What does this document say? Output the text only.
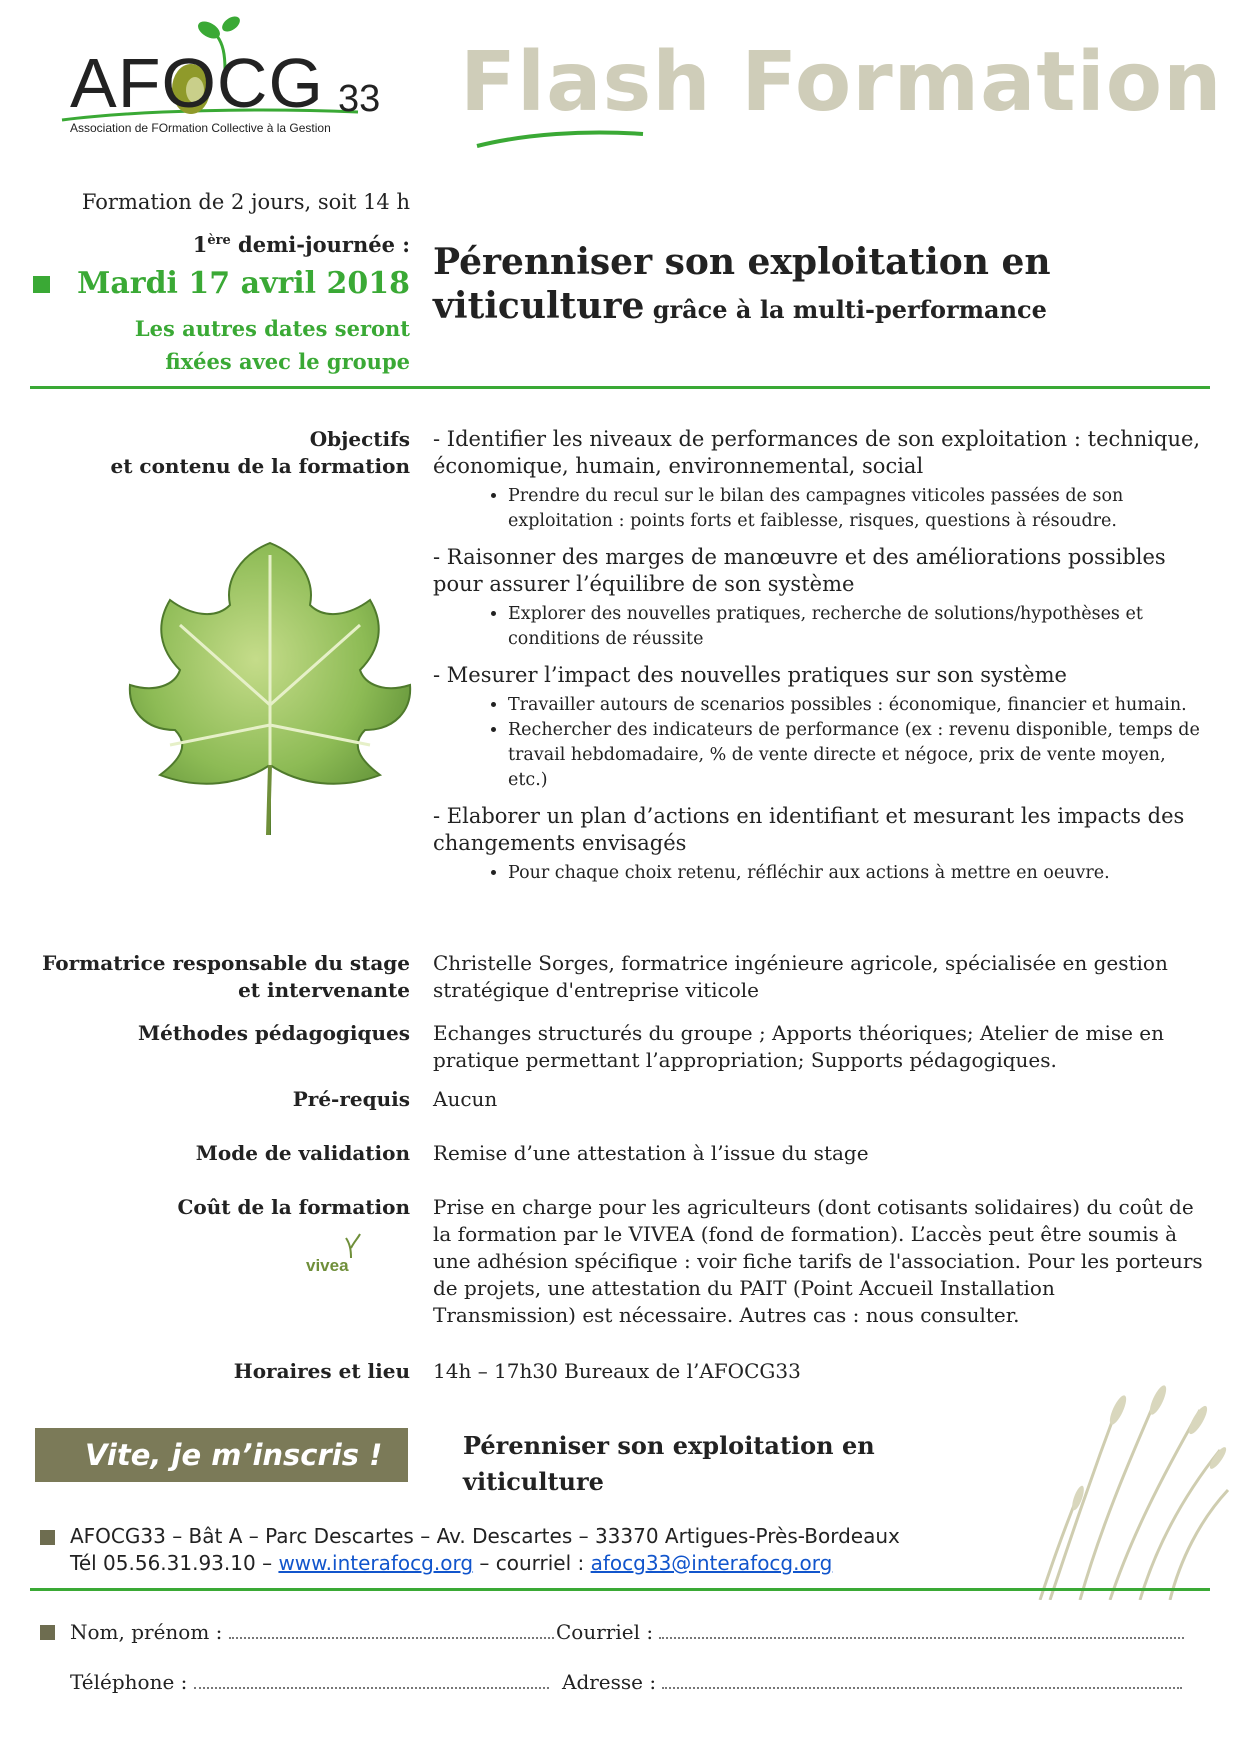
AFOCG 33
Association de FOrmation Collective à la Gestion Flash Formation
Formation de 2 jours, soit 14 h
1ère demi-journée :
Mardi 17 avril 2018
Les autres dates seront
fixées avec le groupe
Pérenniser son exploitation en
viticulture grâce à la multi-performance
Objectifs
et contenu de la formation
- Identifier les niveaux de performances de son exploitation : technique, économique, humain, environnemental, social
• Prendre du recul sur le bilan des campagnes viticoles passées de son exploitation : points forts et faiblesse, risques, questions à résoudre.
- Raisonner des marges de manœuvre et des améliorations possibles pour assurer l’équilibre de son système
• Explorer des nouvelles pratiques, recherche de solutions/hypothèses et conditions de réussite
- Mesurer l’impact des nouvelles pratiques sur son système
• Travailler autours de scenarios possibles : économique, financier et humain.
• Rechercher des indicateurs de performance (ex : revenu disponible, temps de travail hebdomadaire, % de vente directe et négoce, prix de vente moyen, etc.)
- Elaborer un plan d’actions en identifiant et mesurant les impacts des changements envisagés
• Pour chaque choix retenu, réfléchir aux actions à mettre en oeuvre.
Formatrice responsable du stage
et intervenante
Christelle Sorges, formatrice ingénieure agricole, spécialisée en gestion stratégique d'entreprise viticole
Méthodes pédagogiques Echanges structurés du groupe ; Apports théoriques; Atelier de mise en pratique permettant l’appropriation; Supports pédagogiques.
Pré-requis Aucun
Mode de validation Remise d’une attestation à l’issue du stage
Coût de la formation Prise en charge pour les agriculteurs (dont cotisants solidaires) du coût de la formation par le VIVEA (fond de formation). L’accès peut être soumis à une adhésion spécifique : voir fiche tarifs de l'association. Pour les porteurs de projets, une attestation du PAIT (Point Accueil Installation Transmission) est nécessaire. Autres cas : nous consulter.
vivea
Horaires et lieu 14h – 17h30 Bureaux de l’AFOCG33
Vite, je m’inscris !	Pérenniser son exploitation en
viticulture
AFOCG33 – Bât A – Parc Descartes – Av. Descartes – 33370 Artigues-Près-Bordeaux
Tél 05.56.31.93.10 – www.interafocg.org – courriel : afocg33@interafocg.org
Nom, prénom :	Courriel :
Téléphone :	Adresse :
